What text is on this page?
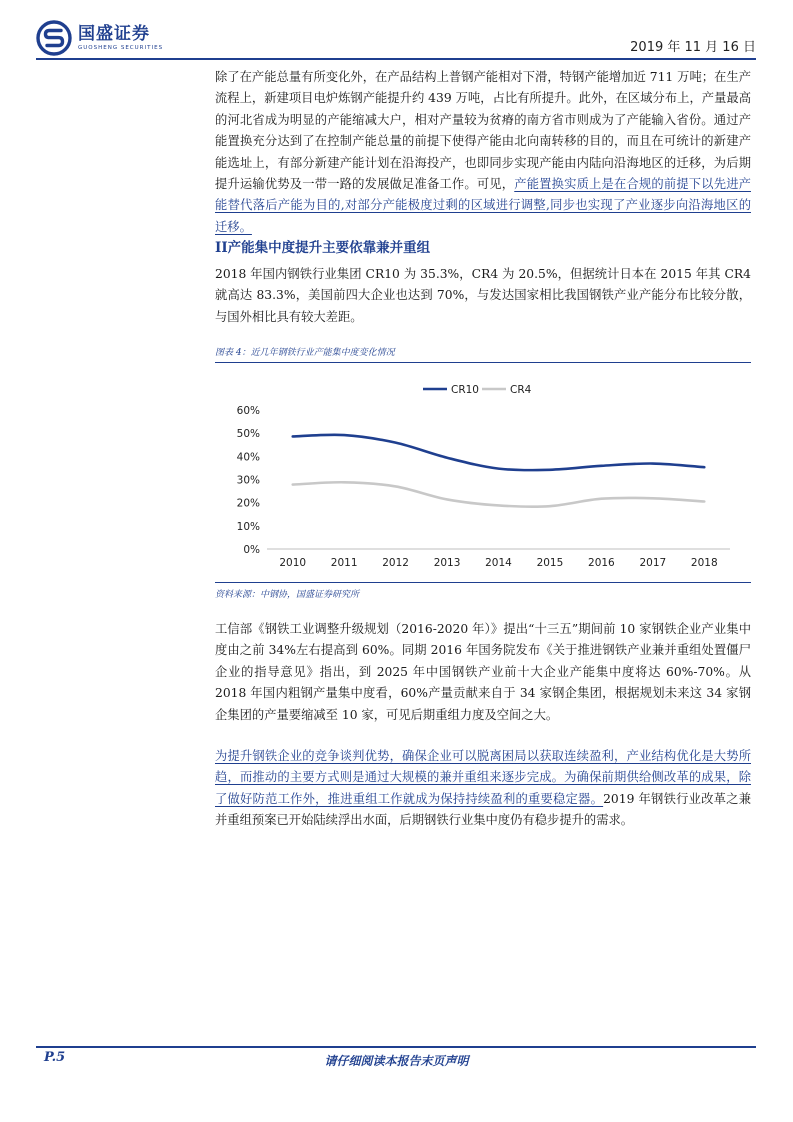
国盛证券
GUOSHENG SECURITIES	2019 年 11 月 16 日

除了在产能总量有所变化外，在产品结构上普钢产能相对下滑，特钢产能增加近 711 万吨；在生产流程上，新建项目电炉炼钢产能提升约 439 万吨，占比有所提升。此外，在区域分布上，产量最高的河北省成为明显的产能缩减大户，相对产量较为贫瘠的南方省市则成为了产能输入省份。通过产能置换充分达到了在控制产能总量的前提下使得产能由北向南转移的目的，而且在可统计的新建产能选址上，有部分新建产能计划在沿海投产，也即同步实现产能由内陆向沿海地区的迁移，为后期提升运输优势及一带一路的发展做足准备工作。可见，产能置换实质上是在合规的前提下以先进产能替代落后产能为目的,对部分产能极度过剩的区域进行调整,同步也实现了产业逐步向沿海地区的迁移。

II产能集中度提升主要依靠兼并重组

2018 年国内钢铁行业集团 CR10 为 35.3%，CR4 为 20.5%，但据统计日本在 2015 年其 CR4 就高达 83.3%，美国前四大企业也达到 70%，与发达国家相比我国钢铁产业产能分布比较分散，与国外相比具有较大差距。

图表 4：近几年钢铁行业产能集中度变化情况
CR10	CR4
0%
10%
20%
30%
40%
50%
60%
2010 2011 2012 2013 2014 2015 2016 2017 2018
资料来源：中钢协，国盛证券研究所

工信部《钢铁工业调整升级规划（2016-2020 年）》提出“十三五”期间前 10 家钢铁企业产业集中度由之前 34%左右提高到 60%。同期 2016 年国务院发布《关于推进钢铁产业兼并重组处置僵尸企业的指导意见》指出，到 2025 年中国钢铁产业前十大企业产能集中度将达 60%-70%。从 2018 年国内粗钢产量集中度看，60%产量贡献来自于 34 家钢企集团，根据规划未来这 34 家钢企集团的产量要缩减至 10 家，可见后期重组力度及空间之大。

为提升钢铁企业的竞争谈判优势，确保企业可以脱离困局以获取连续盈利，产业结构优化是大势所趋，而推动的主要方式则是通过大规模的兼并重组来逐步完成。为确保前期供给侧改革的成果，除了做好防范工作外，推进重组工作就成为保持持续盈利的重要稳定器。2019 年钢铁行业改革之兼并重组预案已开始陆续浮出水面，后期钢铁行业集中度仍有稳步提升的需求。

P.5	请仔细阅读本报告末页声明
